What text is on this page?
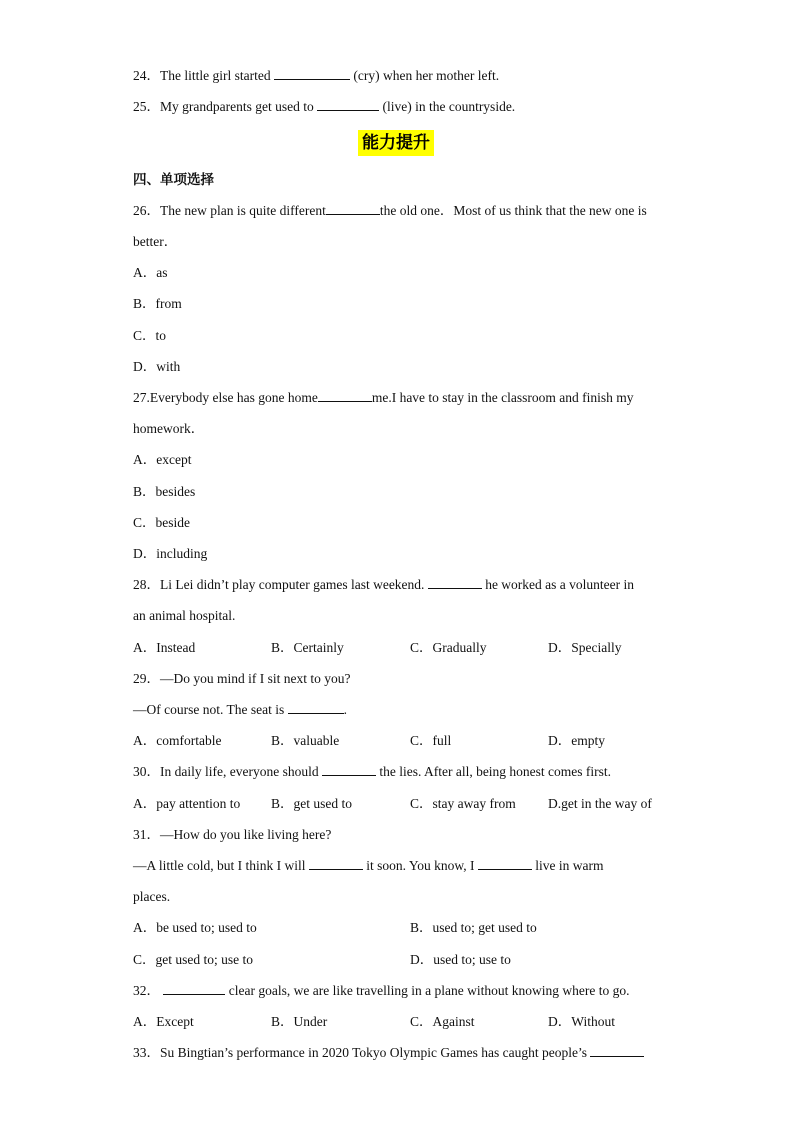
24．The little girl started	(cry) when her mother left.
25．My grandparents get used to	(live) in the countryside.
能力提升
四、单项选择
26．The new plan is quite different	the old one．Most of us think that the new one is
better．
A．as
B．from
C．to
D．with
27.Everybody else has gone home	me.I have to stay in the classroom and finish my
homework．
A．except
B．besides
C．beside
D．including
28．Li Lei didn’t play computer games last weekend.	he worked as a volunteer in
an animal hospital.
A．Instead	B．Certainly	C．Gradually	D．Specially
29．—Do you mind if I sit next to you?
—Of course not. The seat is	.
A．comfortable	B．valuable	C．full	D．empty
30．In daily life, everyone should	the lies. After all, being honest comes first.
A．pay attention to B．get used to	C．stay away from D.get in the way of
31．—How do you like living here?
—A little cold, but I think I will	it soon. You know, I	live in warm
places.
A．be used to; used to	B．used to; get used to
C．get used to; use to	D．used to; use to
32．	clear goals, we are like travelling in a plane without knowing where to go.
A．Except	B．Under	C．Against	D．Without
33．Su Bingtian’s performance in 2020 Tokyo Olympic Games has caught people’s
